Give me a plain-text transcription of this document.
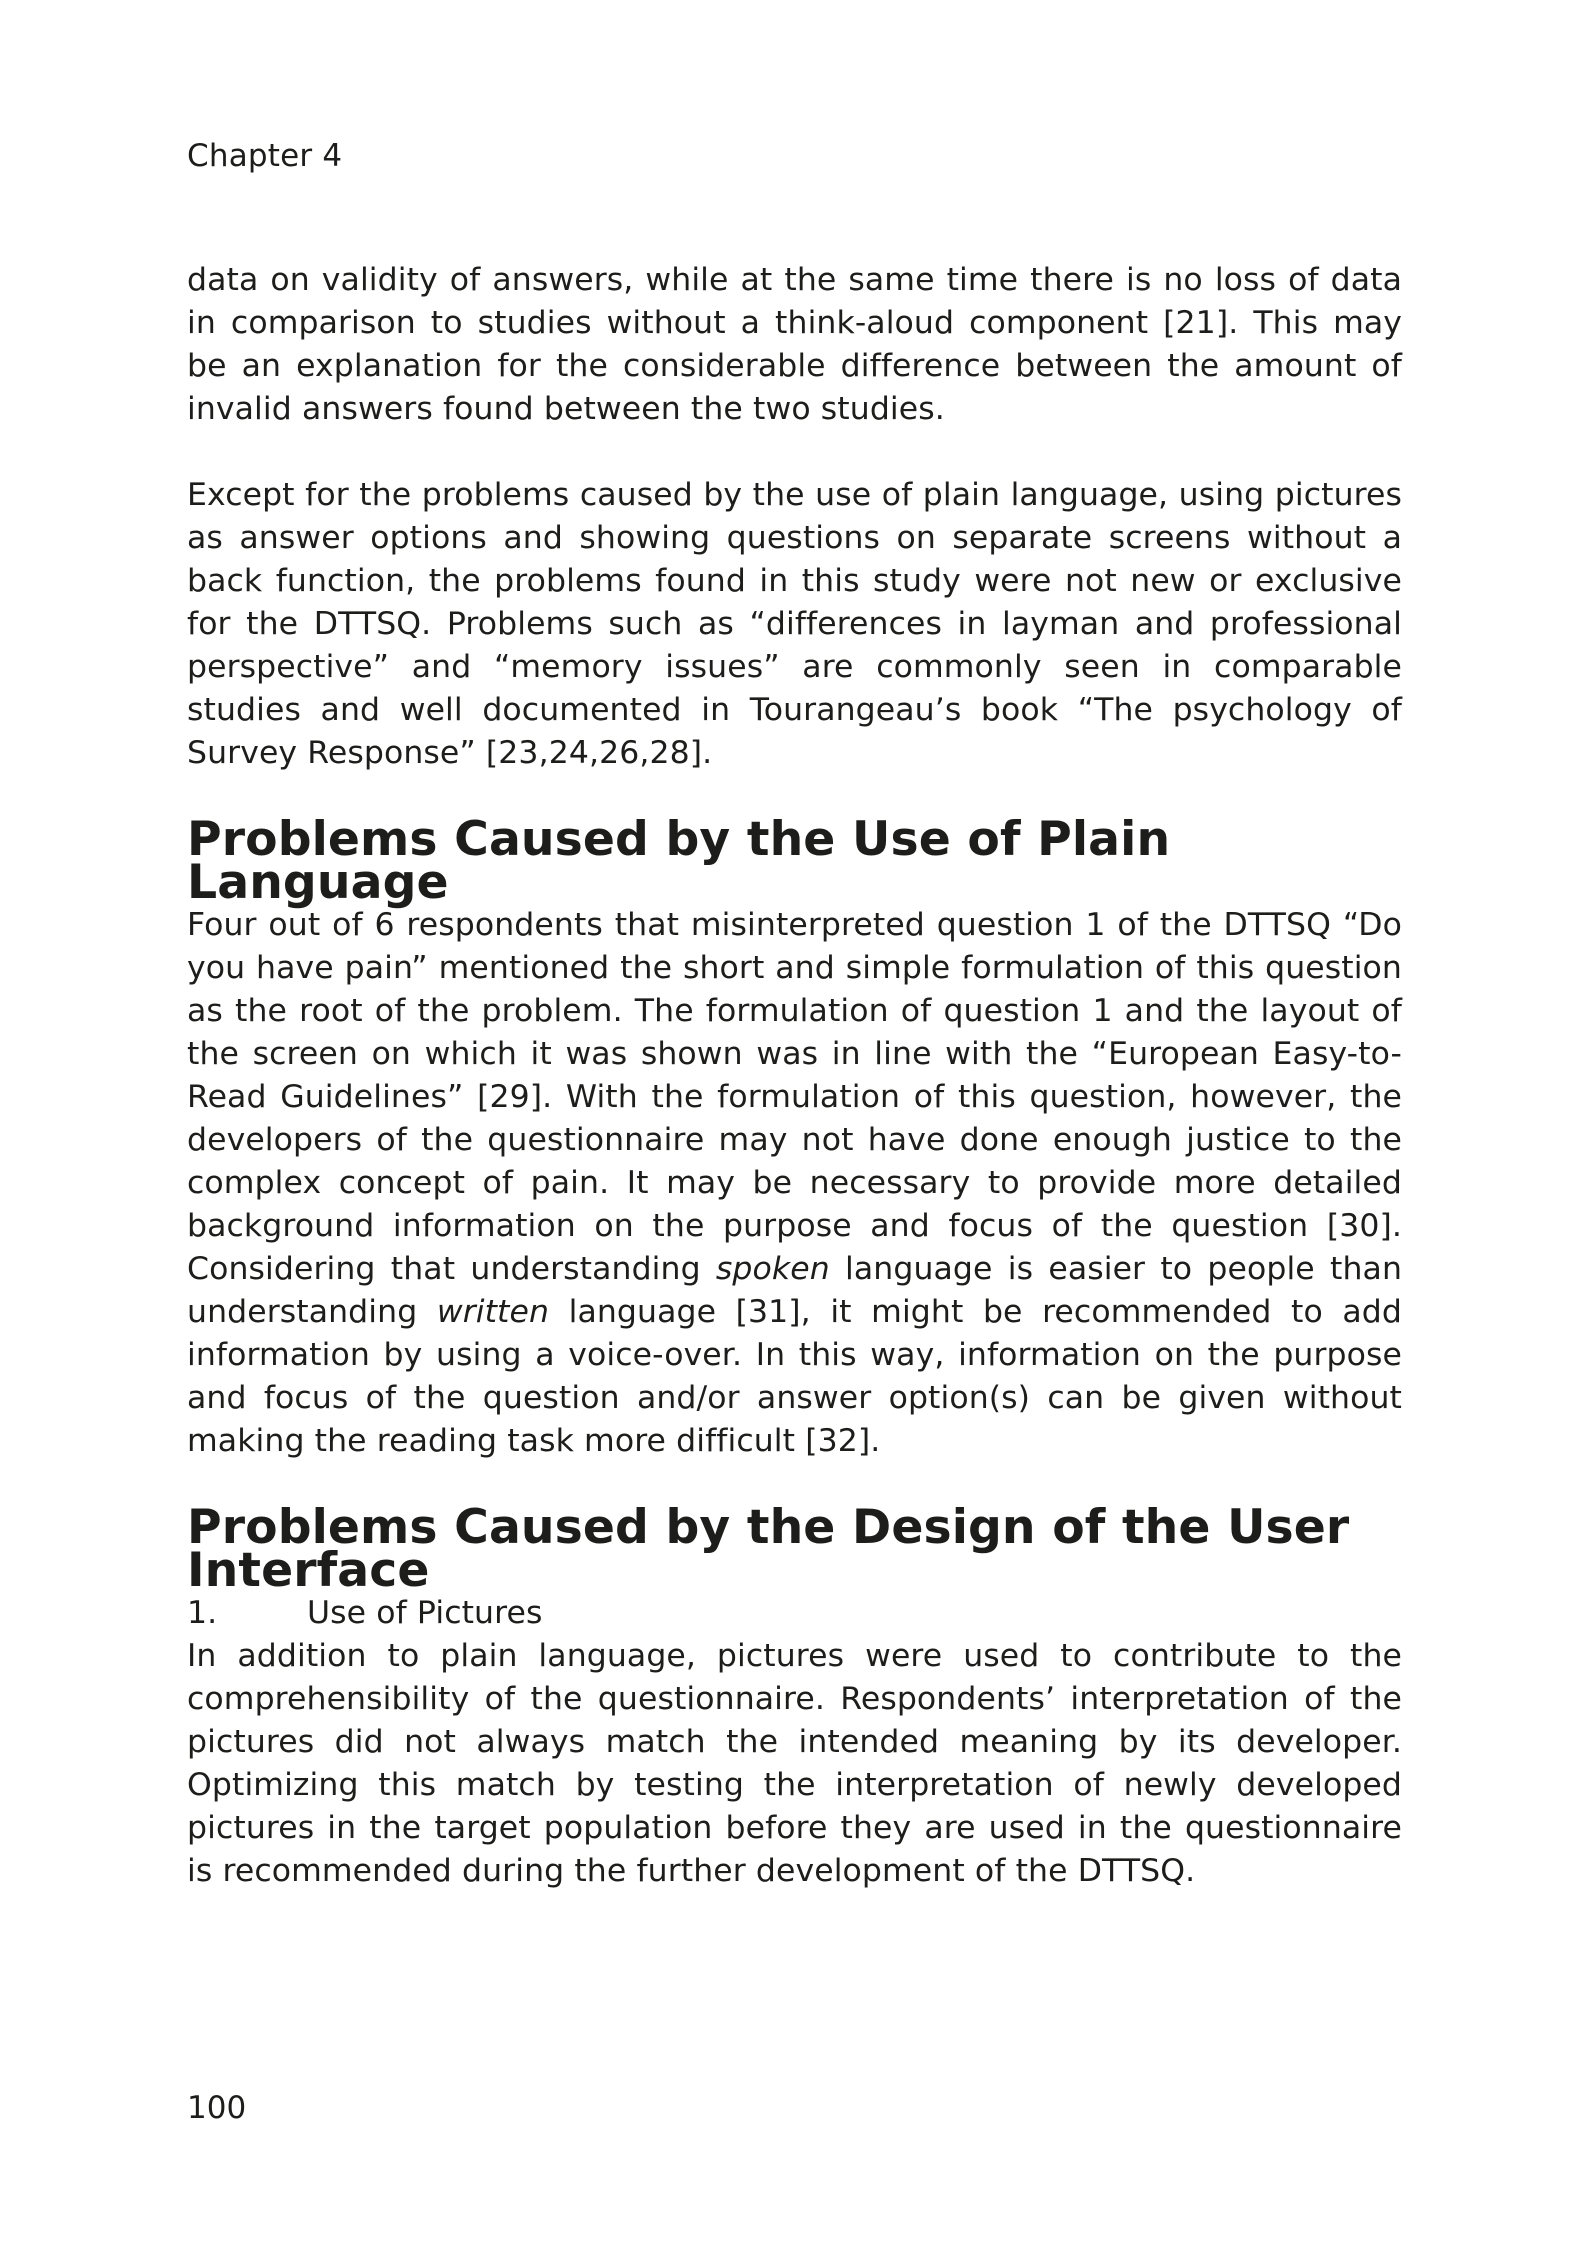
Chapter 4

data on validity of answers, while at the same time there is no loss of data in comparison to studies without a think-aloud component [21]. This may be an explanation for the considerable difference between the amount of invalid answers found between the two studies.

Except for the problems caused by the use of plain language, using pictures as answer options and showing questions on separate screens without a back function, the problems found in this study were not new or exclusive for the DTTSQ. Problems such as “differences in layman and professional perspective” and “memory issues” are commonly seen in comparable studies and well documented in Tourangeau’s book “The psychology of Survey Response” [23,24,26,28].

Problems Caused by the Use of Plain Language

Four out of 6 respondents that misinterpreted question 1 of the DTTSQ “Do you have pain” mentioned the short and simple formulation of this question as the root of the problem. The formulation of question 1 and the layout of the screen on which it was shown was in line with the “European Easy-to-Read Guidelines” [29]. With the formulation of this question, however, the developers of the questionnaire may not have done enough justice to the complex concept of pain. It may be necessary to provide more detailed background information on the purpose and focus of the question [30]. Considering that understanding spoken language is easier to people than understanding written language [31], it might be recommended to add information by using a voice-over. In this way, information on the purpose and focus of the question and/or answer option(s) can be given without making the reading task more difficult [32].

Problems Caused by the Design of the User Interface
1.	Use of Pictures

In addition to plain language, pictures were used to contribute to the comprehensibility of the questionnaire. Respondents’ interpretation of the pictures did not always match the intended meaning by its developer. Optimizing this match by testing the interpretation of newly developed pictures in the target population before they are used in the questionnaire is recommended during the further development of the DTTSQ.

100
